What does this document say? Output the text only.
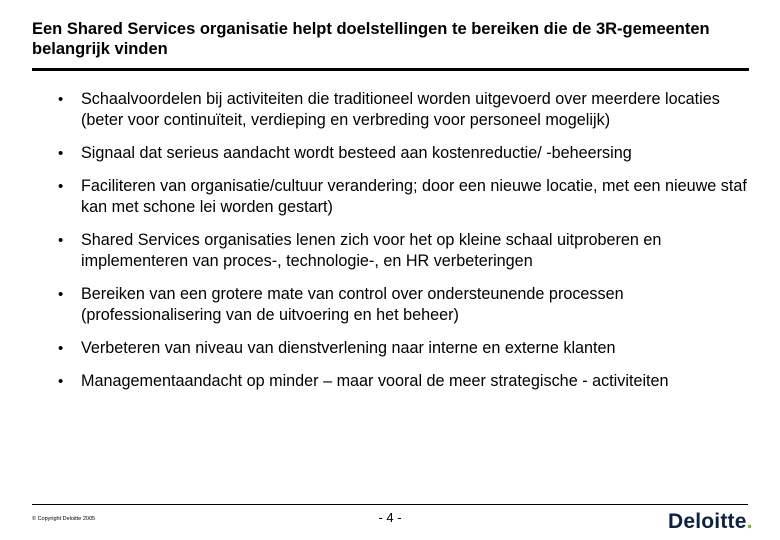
Een Shared Services organisatie helpt doelstellingen te bereiken die de 3R-gemeenten belangrijk vinden
• Schaalvoordelen bij activiteiten die traditioneel worden uitgevoerd over meerdere locaties (beter voor continuïteit, verdieping en verbreding voor personeel mogelijk)
• Signaal dat serieus aandacht wordt besteed aan kostenreductie/ -beheersing
• Faciliteren van organisatie/cultuur verandering; door een nieuwe locatie, met een nieuwe staf kan met schone lei worden gestart)
• Shared Services organisaties lenen zich voor het op kleine schaal uitproberen en implementeren van proces-, technologie-, en HR verbeteringen
• Bereiken van een grotere mate van control over ondersteunende processen (professionalisering van de uitvoering en het beheer)
• Verbeteren van niveau van dienstverlening naar interne en externe klanten
• Managementaandacht op minder – maar vooral de meer strategische - activiteiten
© Copyright Deloitte 2005	- 4 -	Deloitte.
